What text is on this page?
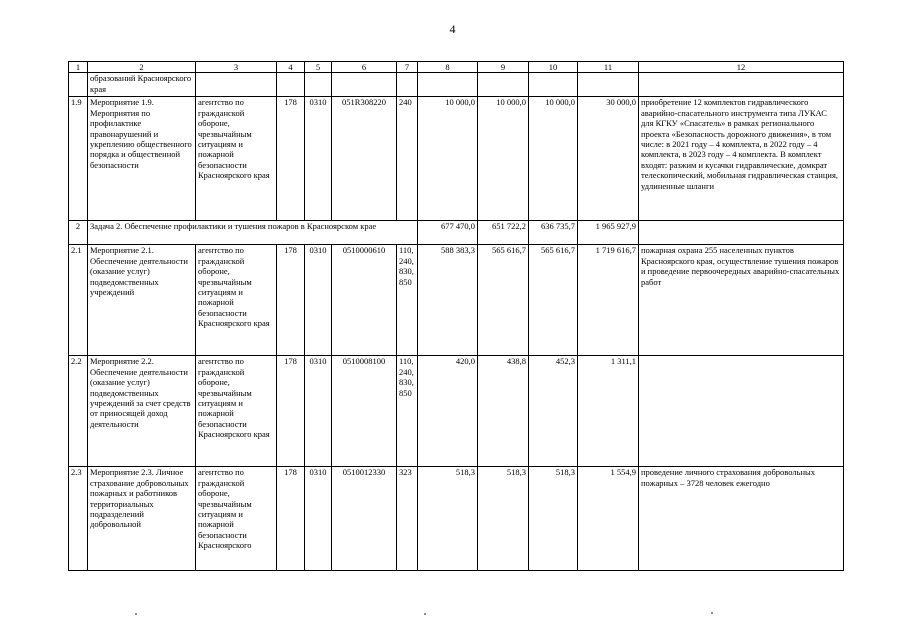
4
1	2	3	4	5	6	7	8	9	10	11	12
	образований Красноярского края										
1.9	Мероприятие 1.9. Мероприятия по профилактике правонарушений и укреплению общественного порядка и общественной безопасности	агентство по гражданской обороне, чрезвычайным ситуациям и пожарной безопасности Красноярского края	178	0310	051R308220	240	10 000,0	10 000,0	10 000,0	30 000,0	приобретение 12 комплектов гидравлического аварийно-спасательного инструмента типа ЛУКАС для КГКУ «Спасатель» в рамках регионального проекта «Безопасность дорожного движения», в том числе: в 2021 году – 4 комплекта, в 2022 году – 4 комплекта, в 2023 году – 4 комплекта. В комплект входят: разжим и кусачки гидравлические, домкрат телескопический, мобильная гидравлическая станция, удлиненные шланги
2	Задача 2. Обеспечение профилактики и тушения пожаров в Красноярском крае						677 470,0	651 722,2	636 735,7	1 965 927,9	
2.1	Мероприятие 2.1. Обеспечение деятельности (оказание услуг) подведомственных учреждений	агентство по гражданской обороне, чрезвычайным ситуациям и пожарной безопасности Красноярского края	178	0310	0510000610	110, 240, 830, 850	588 383,3	565 616,7	565 616,7	1 719 616,7	пожарная охрана 255 населенных пунктов Красноярского края, осуществление тушения пожаров и проведение первоочередных аварийно-спасательных работ
2.2	Мероприятие 2.2. Обеспечение деятельности (оказание услуг) подведомственных учреждений за счет средств от приносящей доход деятельности	агентство по гражданской обороне, чрезвычайным ситуациям и пожарной безопасности Красноярского края	178	0310	0510008100	110, 240, 830, 850	420,0	438,8	452,3	1 311,1	
2.3	Мероприятие 2.3. Личное страхование добровольных пожарных и работников территориальных подразделений добровольной	агентство по гражданской обороне, чрезвычайным ситуациям и пожарной безопасности Красноярского	178	0310	0510012330	323	518,3	518,3	518,3	1 554,9	проведение личного страхования добровольных пожарных – 3728 человек ежегодно
